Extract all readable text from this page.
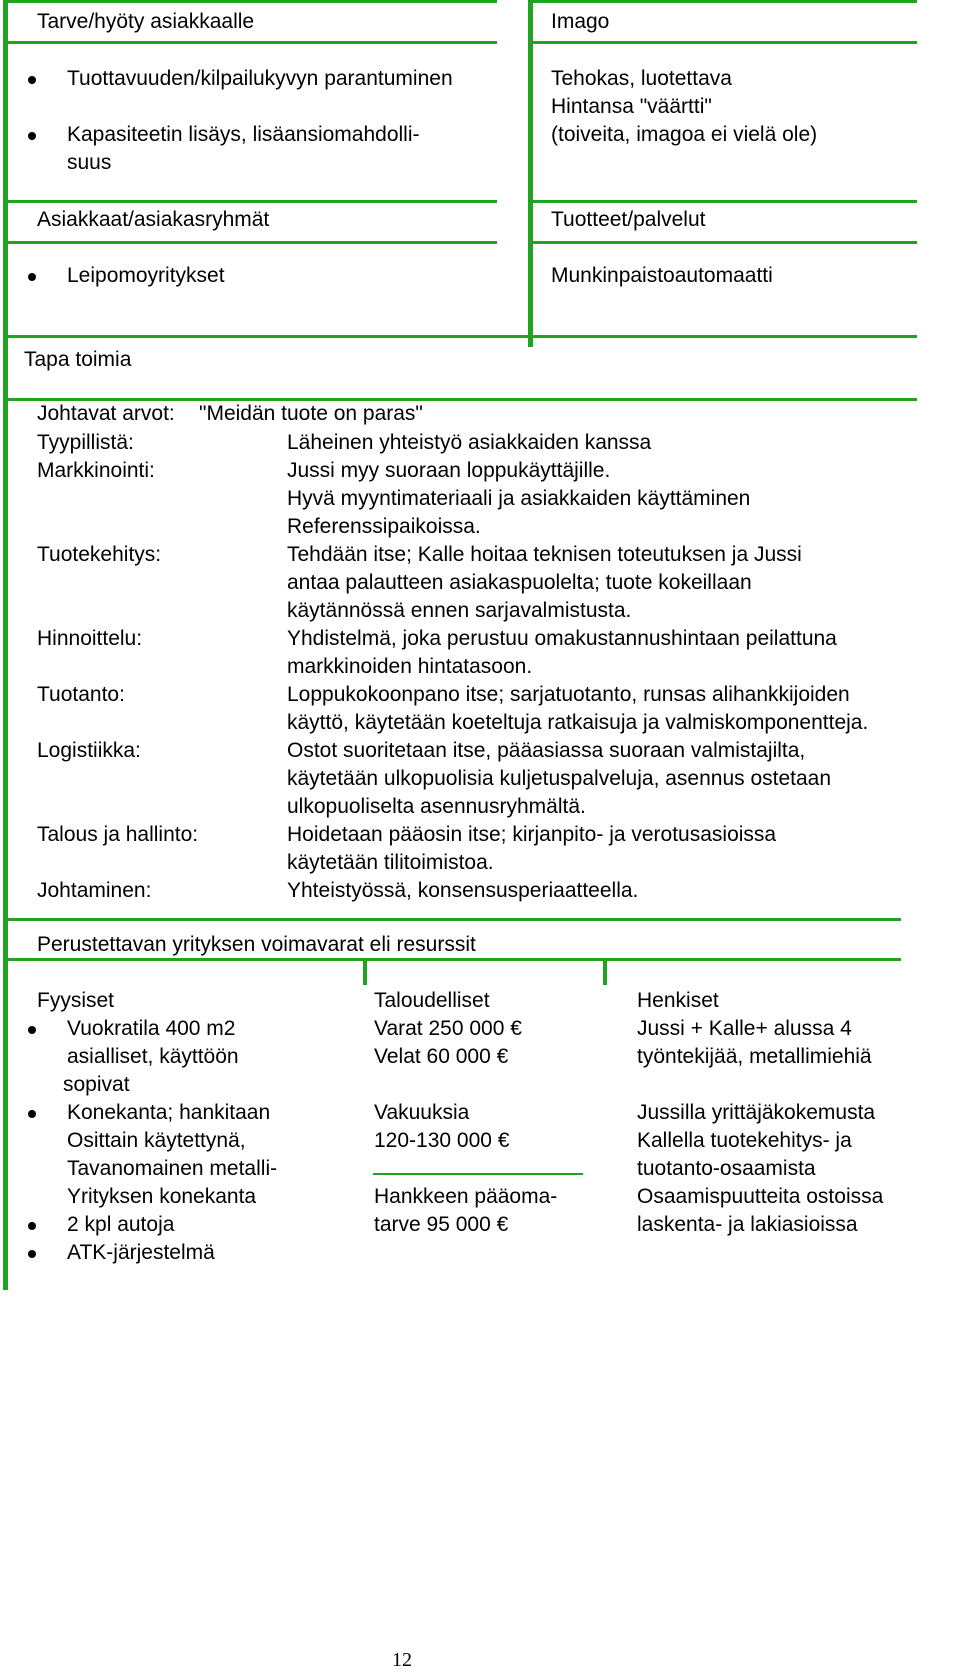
Tarve/hyöty asiakkaalle
Tuottavuuden/kilpailukyvyn parantuminen
Kapasiteetin lisäys, lisäansiomahdolli-
suus
Imago
Tehokas, luotettava
Hintansa "väärtti"
(toiveita, imagoa ei vielä ole)
Asiakkaat/asiakasryhmät
Leipomoyritykset
Tuotteet/palvelut
Munkinpaistoautomaatti
Tapa toimia
Johtavat arvot: "Meidän tuote on paras"
Tyypillistä:	Läheinen yhteistyö asiakkaiden kanssa
Markkinointi:	Jussi myy suoraan loppukäyttäjille.
Hyvä myyntimateriaali ja asiakkaiden käyttäminen
Referenssipaikoissa.
Tuotekehitys:	Tehdään itse; Kalle hoitaa teknisen toteutuksen ja Jussi
antaa palautteen asiakaspuolelta; tuote kokeillaan
käytännössä ennen sarjavalmistusta.
Hinnoittelu:	Yhdistelmä, joka perustuu omakustannushintaan peilattuna
markkinoiden hintatasoon.
Tuotanto:	Loppukokoonpano itse; sarjatuotanto, runsas alihankkijoiden
käyttö, käytetään koeteltuja ratkaisuja ja valmiskomponentteja.
Logistiikka:	Ostot suoritetaan itse, pääasiassa suoraan valmistajilta,
käytetään ulkopuolisia kuljetuspalveluja, asennus ostetaan
ulkopuoliselta asennusryhmältä.
Talous ja hallinto:	Hoidetaan pääosin itse; kirjanpito- ja verotusasioissa
käytetään tilitoimistoa.
Johtaminen:	Yhteistyössä, konsensusperiaatteella.
Perustettavan yrityksen voimavarat eli resurssit
Fyysiset
Vuokratila 400 m2
asialliset, käyttöön
sopivat
Konekanta; hankitaan
Osittain käytettynä,
Tavanomainen metalli-
Yrityksen konekanta
2 kpl autoja
ATK-järjestelmä
Taloudelliset
Varat 250 000 €
Velat 60 000 €
Vakuuksia
120-130 000 €
Hankkeen pääoma-
tarve 95 000 €
Henkiset
Jussi + Kalle+ alussa 4
työntekijää, metallimiehiä
Jussilla yrittäjäkokemusta
Kallella tuotekehitys- ja
tuotanto-osaamista
Osaamispuutteita ostoissa
laskenta- ja lakiasioissa
12
